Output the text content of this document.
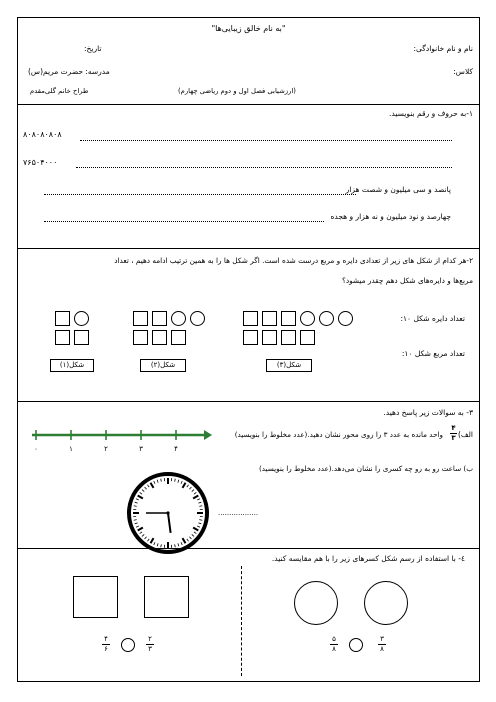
"به نام خالق زیبایی‌ها"
نام و نام خانوادگی:
تاریخ:
کلاس:
مدرسه: حضرت مریم(س)
(ارزشیابی فصل اول و دوم ریاضی چهارم)
طراح خانم گلی‌مقدم
۱-به حروف و رقم بنویسید.
۸۰۸۰۸۰۸۰۸
۷۶۵۰۴۰۰۰
پانصد و سی میلیون و شصت هزار
چهارصد و نود میلیون و نه هزار و هجده
۲-هر کدام از شکل های زیر از تعدادی دایره و مربع درست شده است. اگر شکل ها را به همین ترتیب ادامه دهیم ، تعداد
مربع‌ها و دایره‌های شکل دهم چقدر میشود؟
شکل(۱)	شکل(۲)	شکل(۳)
تعداد دایره شکل ۱۰:
تعداد مربع شکل ۱۰:
۳- به سوالات زیر پاسخ دهید.
الف)
۴
۳
واحد مانده به عدد ۳ را روی محور نشان دهید.(عدد مخلوط را بنویسید)
۰	۱	۲	۳	۴
ب) ساعت رو به رو چه کسری را نشان می‌دهد.(عدد مخلوط را بنویسید)
..................
٤- با استفاده از رسم شکل کسرهای زیر را با هم مقایسه کنید.
۴
۶
۲
۳
۵
۸
۳
۸
